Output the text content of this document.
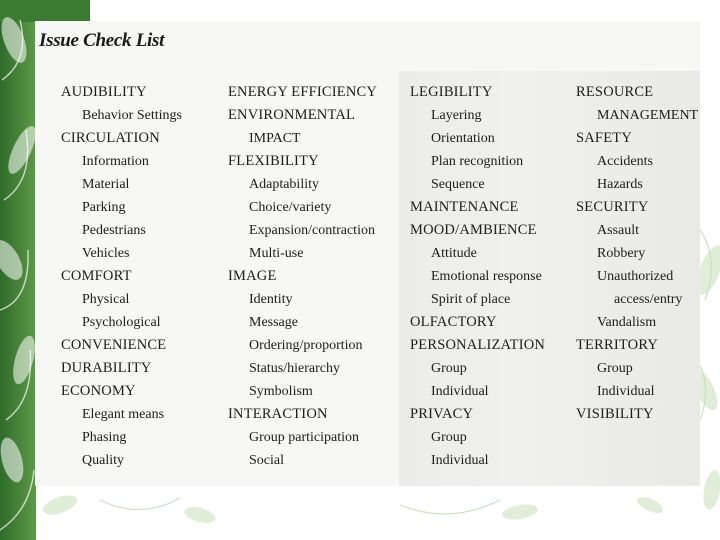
Issue Check List
AUDIBILITY
Behavior Settings
CIRCULATION
Information
Material
Parking
Pedestrians
Vehicles
COMFORT
Physical
Psychological
CONVENIENCE
DURABILITY
ECONOMY
Elegant means
Phasing
Quality
ENERGY EFFICIENCY
ENVIRONMENTAL
IMPACT
FLEXIBILITY
Adaptability
Choice/variety
Expansion/contraction
Multi-use
IMAGE
Identity
Message
Ordering/proportion
Status/hierarchy
Symbolism
INTERACTION
Group participation
Social
LEGIBILITY
Layering
Orientation
Plan recognition
Sequence
MAINTENANCE
MOOD/AMBIENCE
Attitude
Emotional response
Spirit of place
OLFACTORY
PERSONALIZATION
Group
Individual
PRIVACY
Group
Individual
RESOURCE
MANAGEMENT
SAFETY
Accidents
Hazards
SECURITY
Assault
Robbery
Unauthorized
access/entry
Vandalism
TERRITORY
Group
Individual
VISIBILITY
